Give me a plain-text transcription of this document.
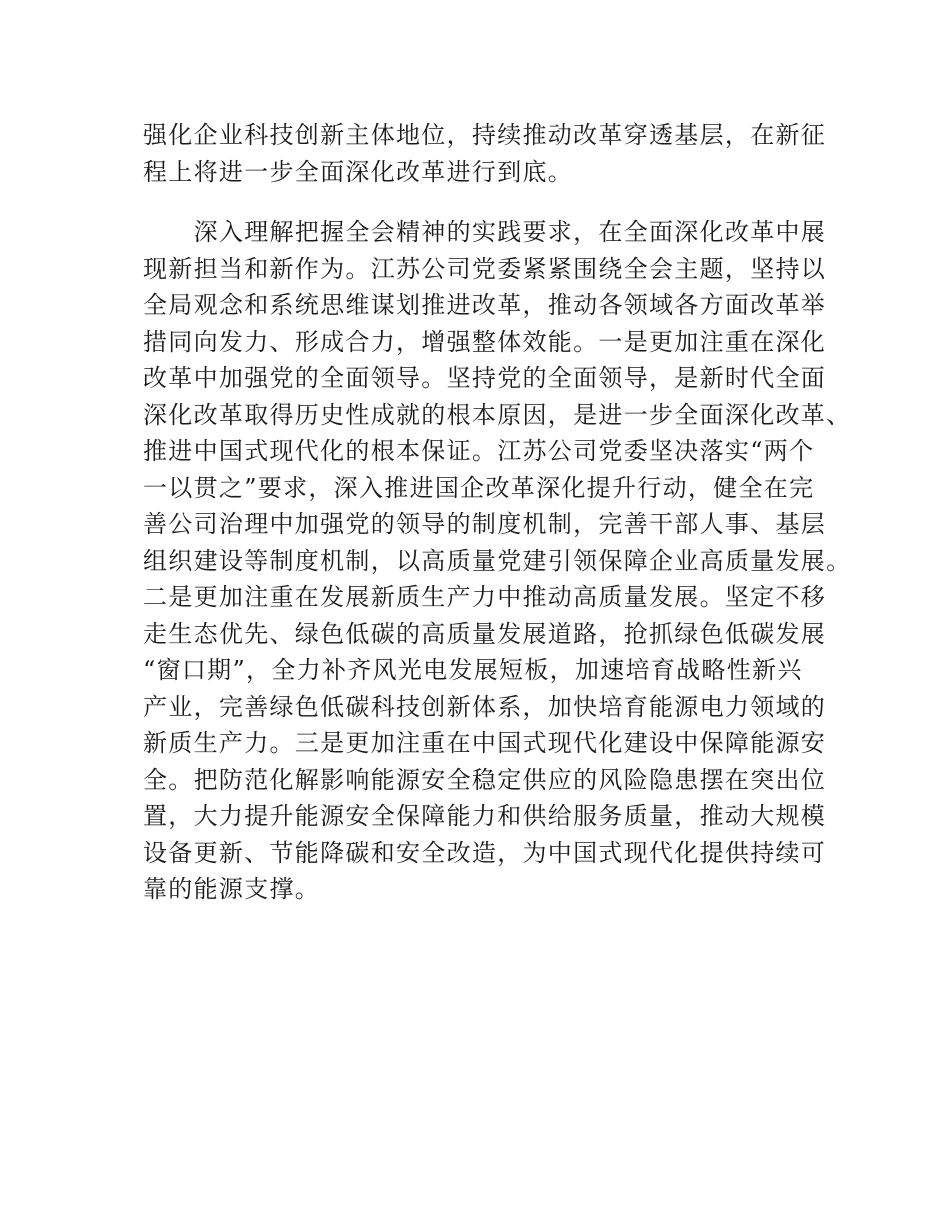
强化企业科技创新主体地位，持续推动改革穿透基层，在新征
程上将进一步全面深化改革进行到底。
　　深入理解把握全会精神的实践要求，在全面深化改革中展
现新担当和新作为。江苏公司党委紧紧围绕全会主题，坚持以
全局观念和系统思维谋划推进改革，推动各领域各方面改革举
措同向发力、形成合力，增强整体效能。一是更加注重在深化
改革中加强党的全面领导。坚持党的全面领导，是新时代全面
深化改革取得历史性成就的根本原因，是进一步全面深化改革、
推进中国式现代化的根本保证。江苏公司党委坚决落实“两个
一以贯之”要求，深入推进国企改革深化提升行动，健全在完
善公司治理中加强党的领导的制度机制，完善干部人事、基层
组织建设等制度机制，以高质量党建引领保障企业高质量发展。
二是更加注重在发展新质生产力中推动高质量发展。坚定不移
走生态优先、绿色低碳的高质量发展道路，抢抓绿色低碳发展
“窗口期”，全力补齐风光电发展短板，加速培育战略性新兴
产业，完善绿色低碳科技创新体系，加快培育能源电力领域的
新质生产力。三是更加注重在中国式现代化建设中保障能源安
全。把防范化解影响能源安全稳定供应的风险隐患摆在突出位
置，大力提升能源安全保障能力和供给服务质量，推动大规模
设备更新、节能降碳和安全改造，为中国式现代化提供持续可
靠的能源支撑。
